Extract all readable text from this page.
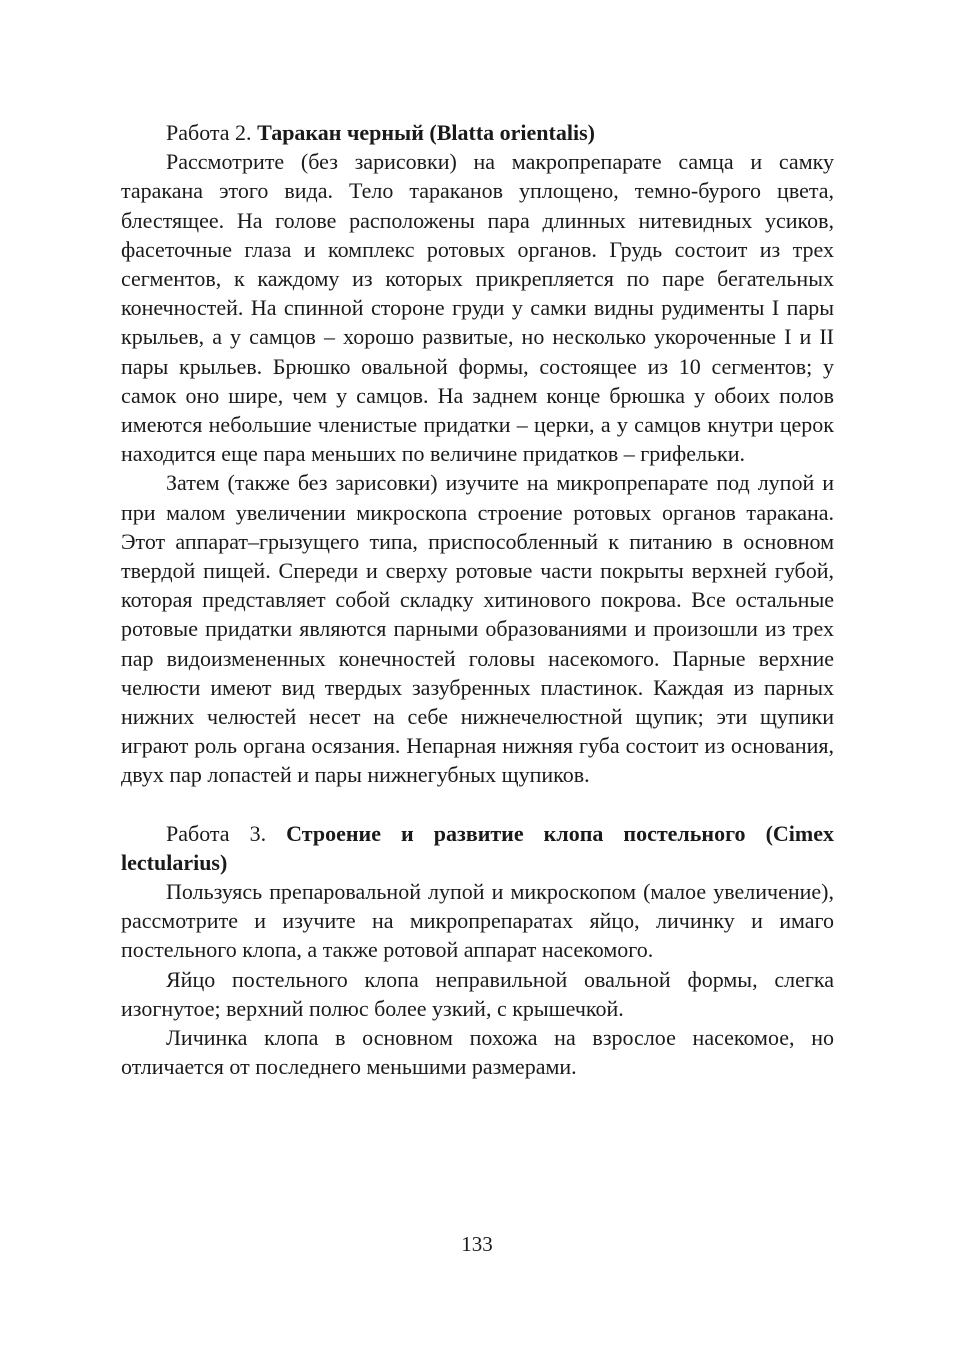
Работа 2. Таракан черный (Blatta orientalis)

Рассмотрите (без зарисовки) на макропрепарате самца и самку таракана этого вида. Тело тараканов уплощено, темно-бурого цвета, блестящее. На голове расположены пара длинных нитевидных усиков, фасеточные глаза и комплекс ротовых органов. Грудь состоит из трех сегментов, к каждому из которых прикрепляется по паре бегательных конечностей. На спинной стороне груди у самки видны рудименты I пары крыльев, а у самцов – хорошо развитые, но несколько укороченные I и II пары крыльев. Брюшко овальной формы, состоящее из 10 сегментов; у самок оно шире, чем у самцов. На заднем конце брюшка у обоих полов имеются небольшие членистые придатки – церки, а у самцов кнутри церок находится еще пара меньших по величине придатков – грифельки.

Затем (также без зарисовки) изучите на микропрепарате под лупой и при малом увеличении микроскопа строение ротовых органов таракана. Этот аппарат–грызущего типа, приспособленный к питанию в основном твердой пищей. Спереди и сверху ротовые части покрыты верхней губой, которая представляет собой складку хитинового покрова. Все остальные ротовые придатки являются парными образованиями и произошли из трех пар видоизмененных конечностей головы насекомого. Парные верхние челюсти имеют вид твердых зазубренных пластинок. Каждая из парных нижних челюстей несет на себе нижнечелюстной щупик; эти щупики играют роль органа осязания. Непарная нижняя губа состоит из основания, двух пар лопастей и пары нижнегубных щупиков.

Работа 3. Строение и развитие клопа постельного (Cimex lectularius)

Пользуясь препаровальной лупой и микроскопом (малое увеличение), рассмотрите и изучите на микропрепаратах яйцо, личинку и имаго постельного клопа, а также ротовой аппарат насекомого.

Яйцо постельного клопа неправильной овальной формы, слегка изогнутое; верхний полюс более узкий, с крышечкой.

Личинка клопа в основном похожа на взрослое насекомое, но отличается от последнего меньшими размерами.

133
